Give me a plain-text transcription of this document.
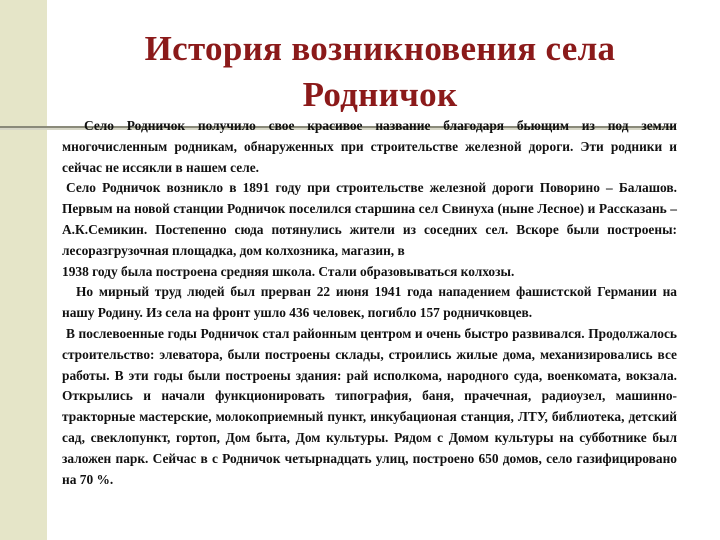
История возникновения села
Родничок

Село Родничок получило свое красивое название благодаря бьющим из под земли многочисленным родникам, обнаруженных при строительстве железной дороги. Эти родники и сейчас не иссякли в нашем селе.

Село Родничок возникло в 1891 году при строительстве железной дороги Поворино – Балашов. Первым на новой станции Родничок поселился старшина сел Свинуха (ныне Лесное) и Рассказань – А.К.Семикин. Постепенно сюда потянулись жители из соседних сел. Вскоре были построены: лесоразгрузочная площадка, дом колхозника, магазин, в

1938 году была построена средняя школа. Стали образовываться колхозы.

Но мирный труд людей был прерван 22 июня 1941 года нападением фашистской Германии на нашу Родину. Из села на фронт ушло 436 человек, погибло 157 родничковцев.

В послевоенные годы Родничок стал районным центром и очень быстро развивался. Продолжалось строительство: элеватора, были построены склады, строились жилые дома, механизировались все работы. В эти годы были построены здания: рай исполкома, народного суда, военкомата, вокзала. Открылись и начали функционировать типография, баня, прачечная, радиоузел, машинно-тракторные мастерские, молокоприемный пункт, инкубационая станция, ЛТУ, библиотека, детский сад, свеклопункт, гортоп, Дом быта, Дом культуры. Рядом с Домом культуры на субботнике был заложен парк. Сейчас в с Родничок четырнадцать улиц, построено 650 домов, село газифицировано на 70 %.
